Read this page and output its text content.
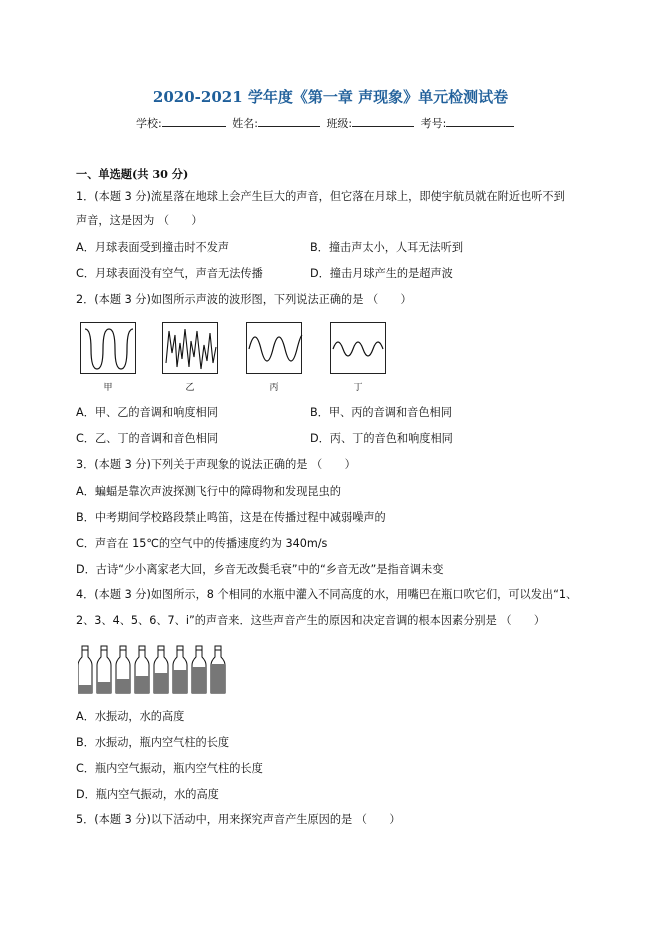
2020-2021 学年度《第一章 声现象》单元检测试卷
学校:	姓名:	班级:	考号:
一、单选题(共 30 分)
1．(本题 3 分)流星落在地球上会产生巨大的声音，但它落在月球上，即使宇航员就在附近也听不到
声音，这是因为 （　　）
A．月球表面受到撞击时不发声	B．撞击声太小，人耳无法听到
C．月球表面没有空气，声音无法传播	D．撞击月球产生的是超声波
2．(本题 3 分)如图所示声波的波形图，下列说法正确的是 （　　）
甲	乙	丙	丁
A．甲、乙的音调和响度相同	B．甲、丙的音调和音色相同
C．乙、丁的音调和音色相同	D．丙、丁的音色和响度相同
3．(本题 3 分)下列关于声现象的说法正确的是 （　　）
A．蝙蝠是靠次声波探测飞行中的障碍物和发现昆虫的
B．中考期间学校路段禁止鸣笛，这是在传播过程中减弱噪声的
C．声音在 15℃的空气中的传播速度约为 340m/s
D．古诗“少小离家老大回，乡音无改鬓毛衰”中的“乡音无改”是指音调未变
4．(本题 3 分)如图所示，8 个相同的水瓶中灌入不同高度的水，用嘴巴在瓶口吹它们，可以发出“1、
2、3、4、5、6、7、i”的声音来．这些声音产生的原因和决定音调的根本因素分别是 （　　）
A．水振动，水的高度
B．水振动，瓶内空气柱的长度
C．瓶内空气振动，瓶内空气柱的长度
D．瓶内空气振动，水的高度
5．(本题 3 分)以下活动中，用来探究声音产生原因的是 （　　）
